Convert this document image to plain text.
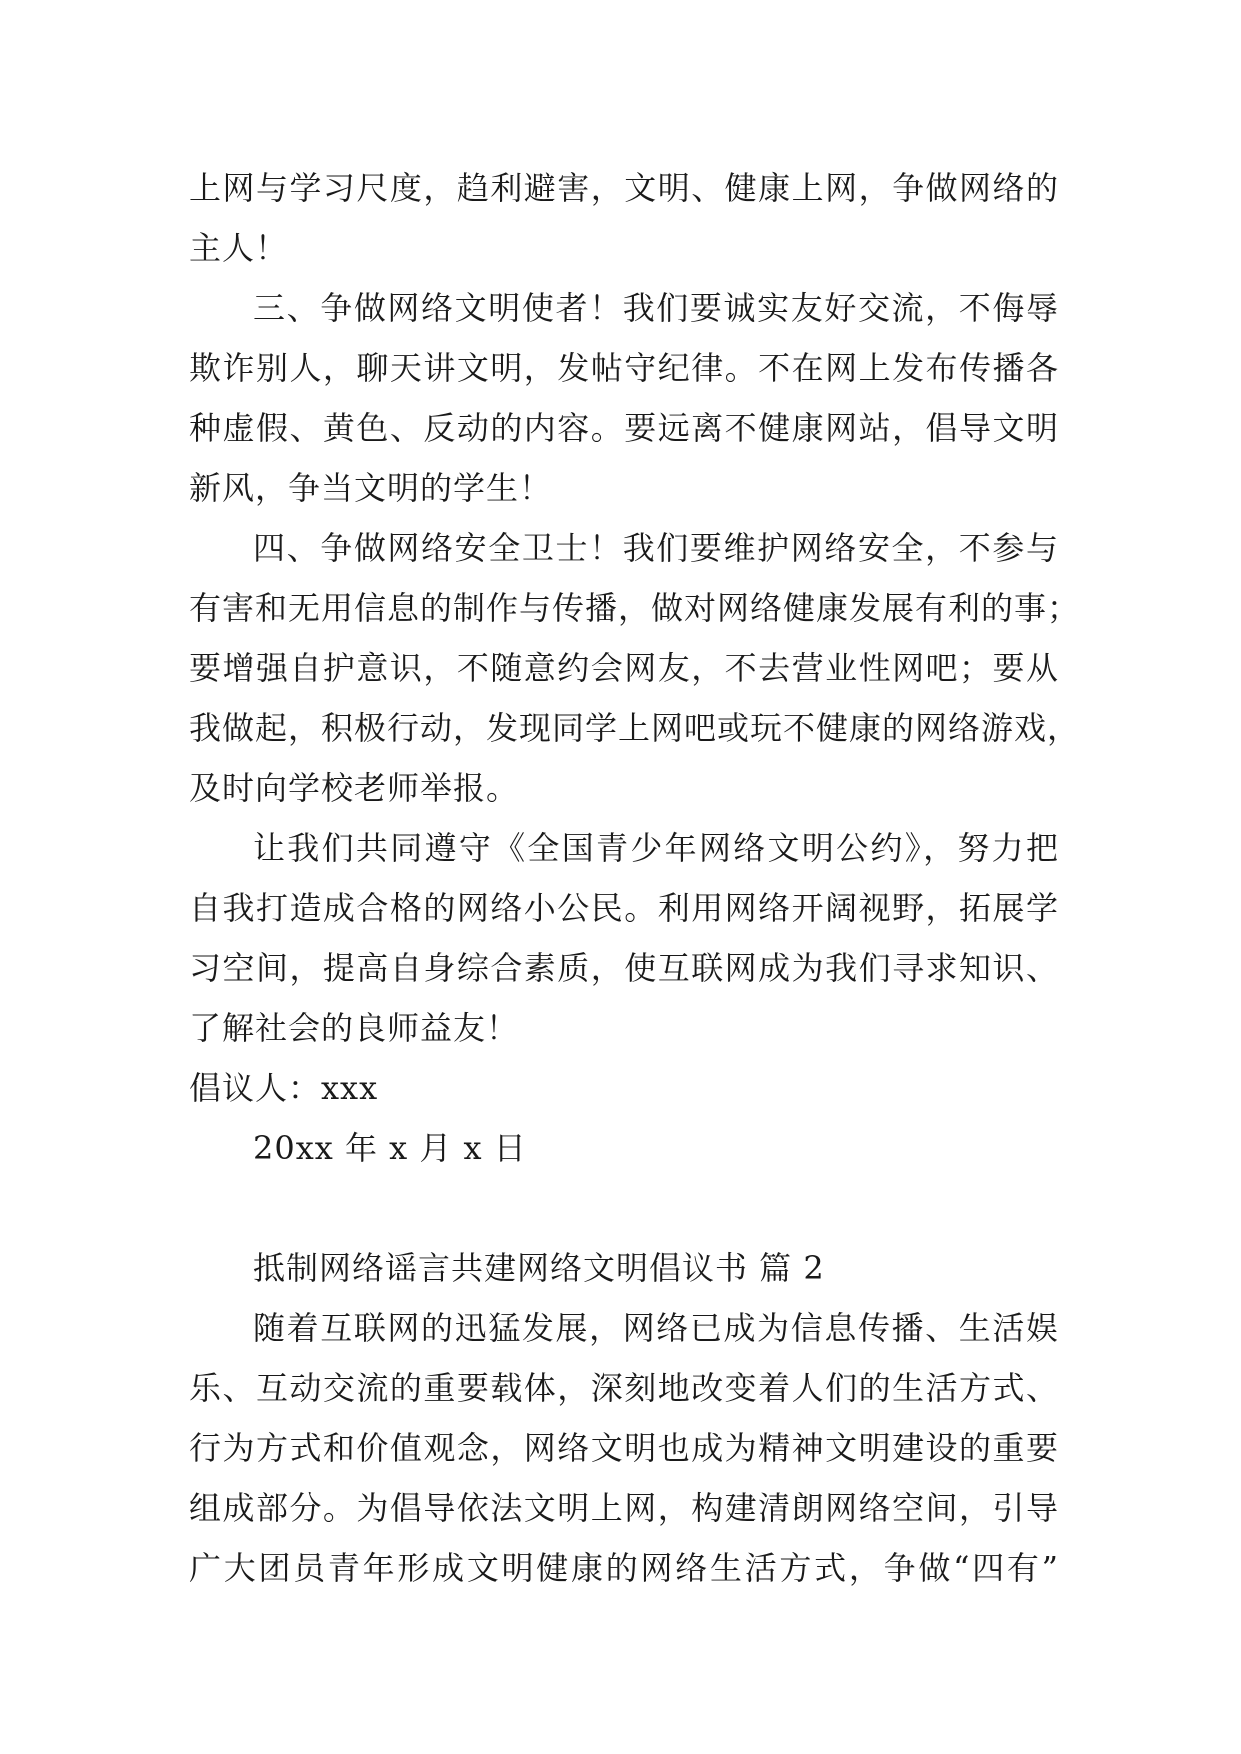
上网与学习尺度，趋利避害，文明、健康上网，争做网络的
主人！
三、争做网络文明使者！我们要诚实友好交流，不侮辱
欺诈别人，聊天讲文明，发帖守纪律。不在网上发布传播各
种虚假、黄色、反动的内容。要远离不健康网站，倡导文明
新风，争当文明的学生！
四、争做网络安全卫士！我们要维护网络安全，不参与
有害和无用信息的制作与传播，做对网络健康发展有利的事；
要增强自护意识，不随意约会网友，不去营业性网吧；要从
我做起，积极行动，发现同学上网吧或玩不健康的网络游戏，
及时向学校老师举报。
让我们共同遵守《全国青少年网络文明公约》，努力把
自我打造成合格的网络小公民。利用网络开阔视野，拓展学
习空间，提高自身综合素质，使互联网成为我们寻求知识、
了解社会的良师益友！
倡议人：xxx
20xx 年 x 月 x 日
抵制网络谣言共建网络文明倡议书 篇 2
随着互联网的迅猛发展，网络已成为信息传播、生活娱
乐、互动交流的重要载体，深刻地改变着人们的生活方式、
行为方式和价值观念，网络文明也成为精神文明建设的重要
组成部分。为倡导依法文明上网，构建清朗网络空间，引导
广大团员青年形成文明健康的网络生活方式，争做“四有”
